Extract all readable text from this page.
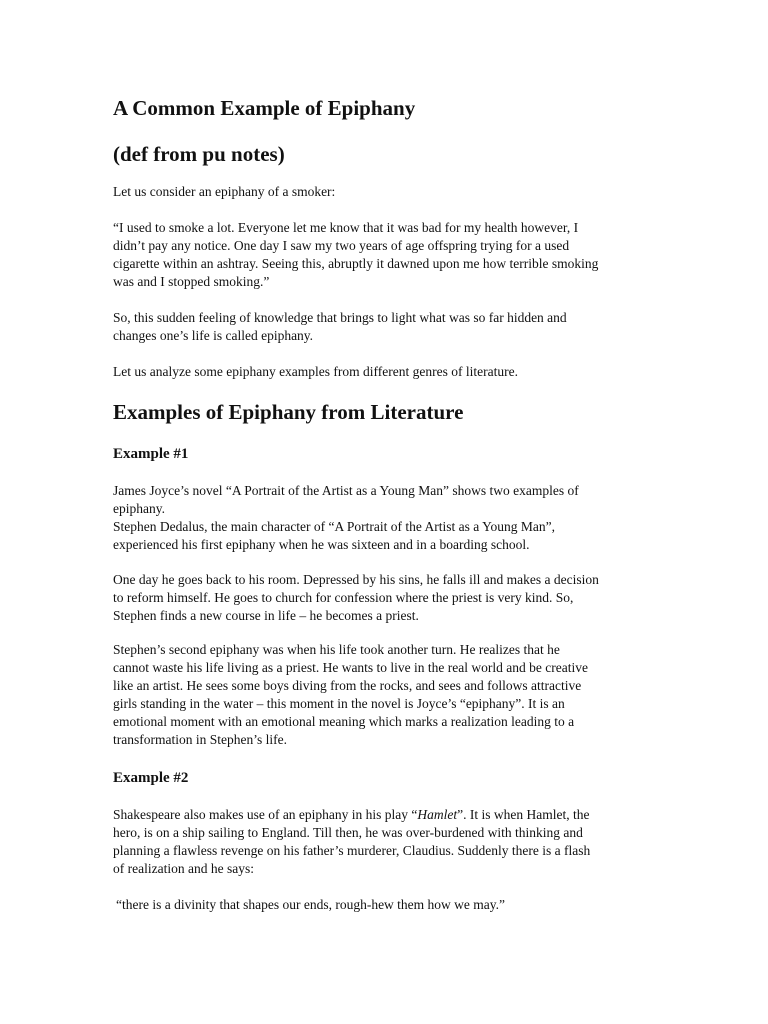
A Common Example of Epiphany
(def from pu notes)

Let us consider an epiphany of a smoker:

“I used to smoke a lot. Everyone let me know that it was bad for my health however, I
didn’t pay any notice. One day I saw my two years of age offspring trying for a used
cigarette within an ashtray. Seeing this, abruptly it dawned upon me how terrible smoking
was and I stopped smoking.”

So, this sudden feeling of knowledge that brings to light what was so far hidden and
changes one’s life is called epiphany.

Let us analyze some epiphany examples from different genres of literature.

Examples of Epiphany from Literature
Example #1

James Joyce’s novel “A Portrait of the Artist as a Young Man” shows two examples of
epiphany.
Stephen Dedalus, the main character of “A Portrait of the Artist as a Young Man”,
experienced his first epiphany when he was sixteen and in a boarding school.

One day he goes back to his room. Depressed by his sins, he falls ill and makes a decision
to reform himself. He goes to church for confession where the priest is very kind. So,
Stephen finds a new course in life – he becomes a priest.

Stephen’s second epiphany was when his life took another turn. He realizes that he
cannot waste his life living as a priest. He wants to live in the real world and be creative
like an artist. He sees some boys diving from the rocks, and sees and follows attractive
girls standing in the water – this moment in the novel is Joyce’s “epiphany”. It is an
emotional moment with an emotional meaning which marks a realization leading to a
transformation in Stephen’s life.

Example #2

Shakespeare also makes use of an epiphany in his play “Hamlet”. It is when Hamlet, the
hero, is on a ship sailing to England. Till then, he was over-burdened with thinking and
planning a flawless revenge on his father’s murderer, Claudius. Suddenly there is a flash
of realization and he says:

“there is a divinity that shapes our ends, rough-hew them how we may.”
